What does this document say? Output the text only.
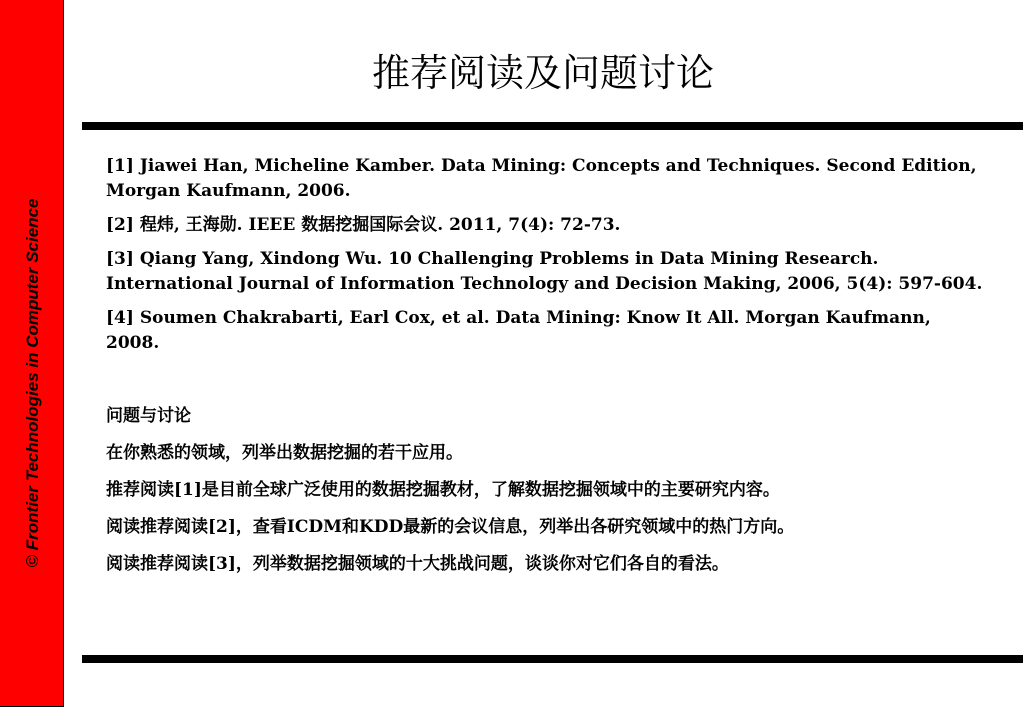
© Frontier Technologies in Computer Science
推荐阅读及问题讨论

[1] Jiawei Han, Micheline Kamber. Data Mining: Concepts and Techniques. Second Edition, Morgan Kaufmann, 2006.

[2] 程炜, 王海勋. IEEE 数据挖掘国际会议. 2011, 7(4): 72-73.

[3] Qiang Yang, Xindong Wu. 10 Challenging Problems in Data Mining Research. International Journal of Information Technology and Decision Making, 2006, 5(4): 597-604.

[4] Soumen Chakrabarti, Earl Cox, et al. Data Mining: Know It All. Morgan Kaufmann, 2008.

问题与讨论

在你熟悉的领域，列举出数据挖掘的若干应用。

推荐阅读[1]是目前全球广泛使用的数据挖掘教材，了解数据挖掘领域中的主要研究内容。

阅读推荐阅读[2]，查看ICDM和KDD最新的会议信息，列举出各研究领域中的热门方向。

阅读推荐阅读[3]，列举数据挖掘领域的十大挑战问题，谈谈你对它们各自的看法。
